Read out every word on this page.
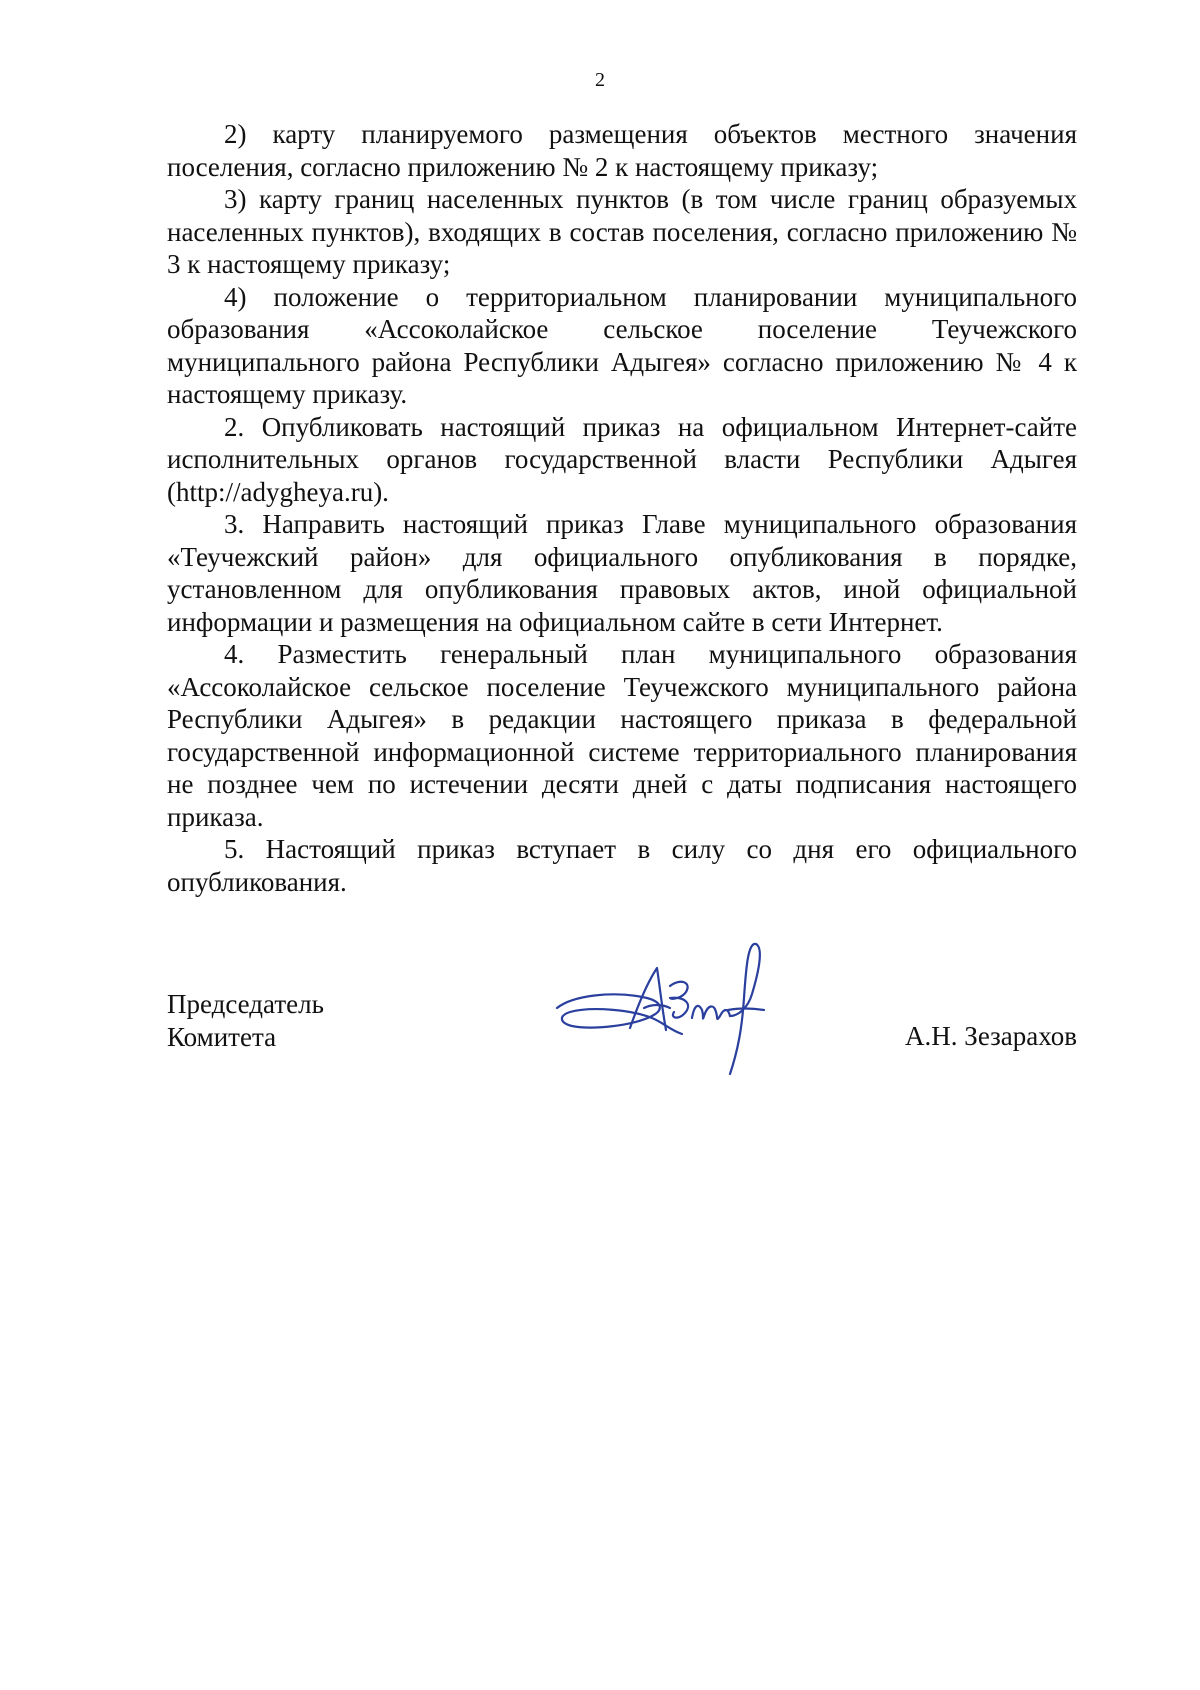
2

2) карту планируемого размещения объектов местного значения поселения, согласно приложению № 2 к настоящему приказу;

3) карту границ населенных пунктов (в том числе границ образуемых населенных пунктов), входящих в состав поселения, согласно приложению № 3 к настоящему приказу;

4) положение о территориальном планировании муниципального образования «Ассоколайское сельское поселение Теучежского муниципального района Республики Адыгея» согласно приложению № 4 к настоящему приказу.

2. Опубликовать настоящий приказ на официальном Интернет-сайте исполнительных органов государственной власти Республики Адыгея (http://adygheya.ru).

3. Направить настоящий приказ Главе муниципального образования «Теучежский район» для официального опубликования в порядке, установленном для опубликования правовых актов, иной официальной информации и размещения на официальном сайте в сети Интернет.

4. Разместить генеральный план муниципального образования «Ассоколайское сельское поселение Теучежского муниципального района Республики Адыгея» в редакции настоящего приказа в федеральной государственной информационной системе территориального планирования не позднее чем по истечении десяти дней с даты подписания настоящего приказа.

5. Настоящий приказ вступает в силу со дня его официального опубликования.

Председатель
Комитета	А.Н. Зезарахов
